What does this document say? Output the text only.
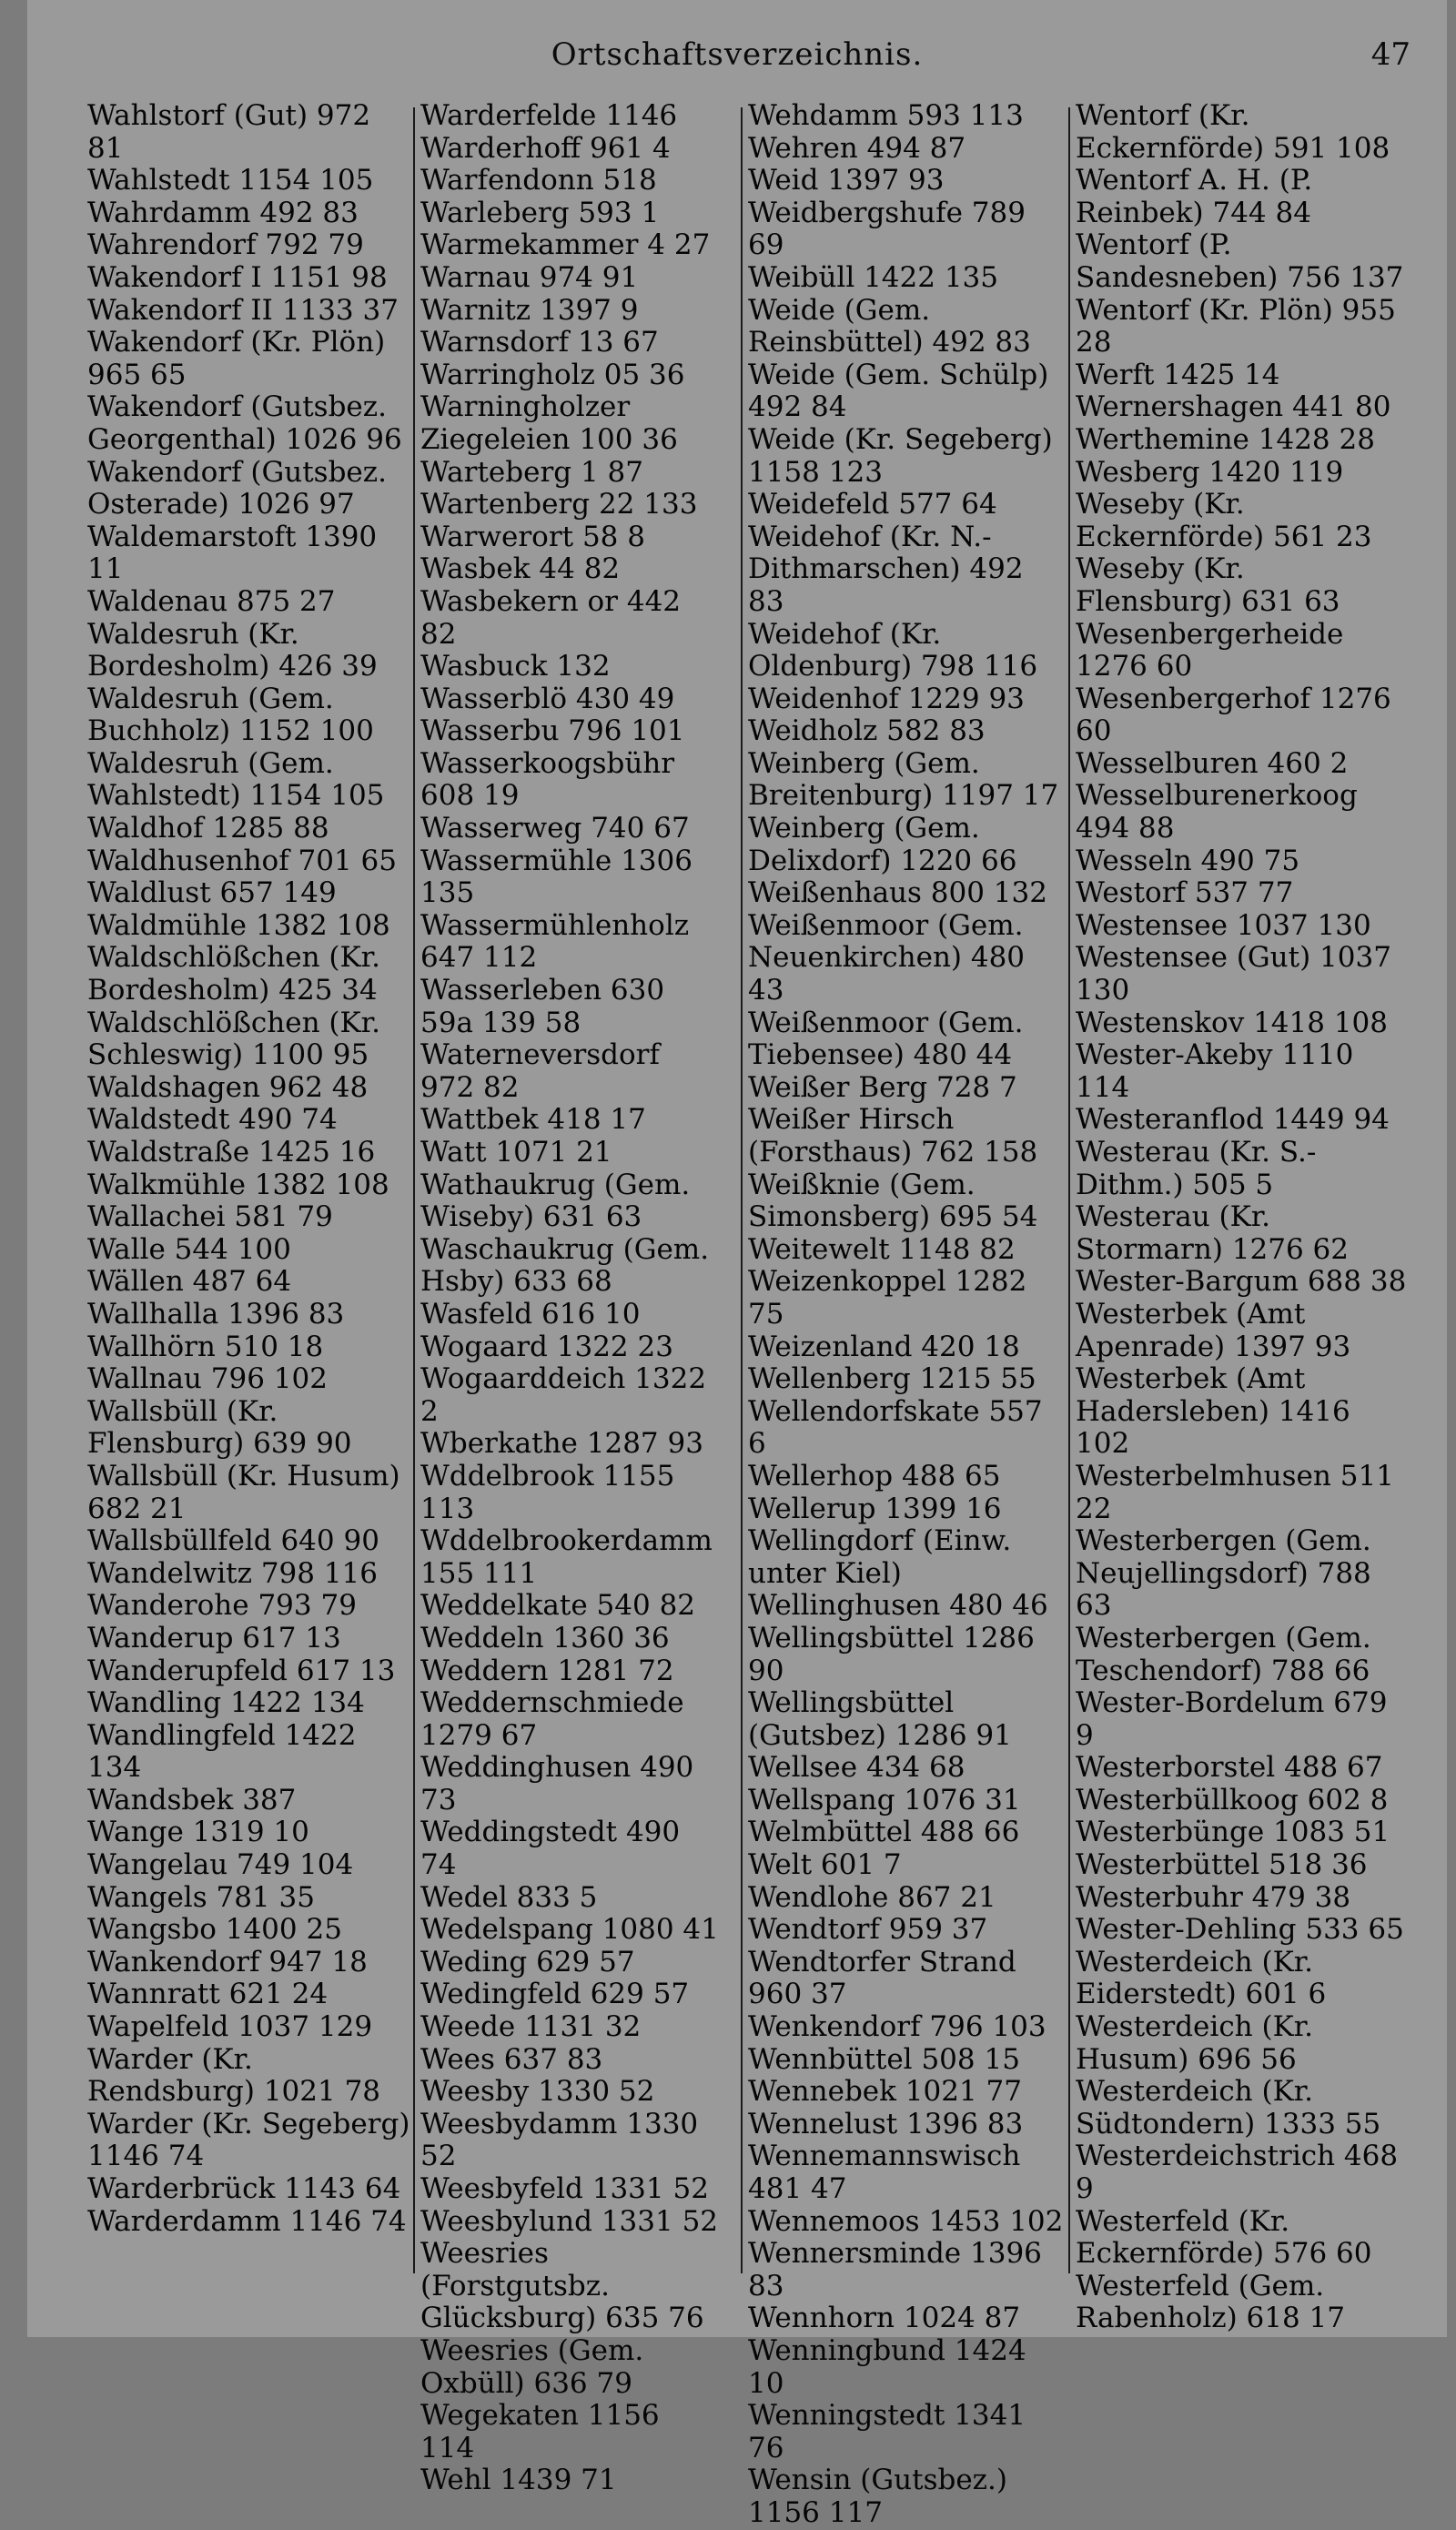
Ortschaftsverzeichnis.	47

Wahlstorf (Gut) 972 81

Wahlstedt 1154 105

Wahrdamm 492 83

Wahrendorf 792 79

Wakendorf I 1151 98

Wakendorf II 1133 37

Wakendorf (Kr. Plön) 965 65

Wakendorf (Gutsbez. Georgenthal) 1026 96

Wakendorf (Gutsbez. Osterade) 1026 97

Waldemarstoft 1390 11

Waldenau 875 27

Waldesruh (Kr. Bordesholm) 426 39

Waldesruh (Gem. Buchholz) 1152 100

Waldesruh (Gem. Wahlstedt) 1154 105

Waldhof 1285 88

Waldhusenhof 701 65

Waldlust 657 149

Waldmühle 1382 108

Waldschlößchen (Kr. Bordesholm) 425 34

Waldschlößchen (Kr. Schleswig) 1100 95

Waldshagen 962 48

Waldstedt 490 74

Waldstraße 1425 16

Walkmühle 1382 108

Wallachei 581 79

Walle 544 100

Wällen 487 64

Wallhalla 1396 83

Wallhörn 510 18

Wallnau 796 102

Wallsbüll (Kr. Flensburg) 639 90

Wallsbüll (Kr. Husum) 682 21

Wallsbüllfeld 640 90

Wandelwitz 798 116

Wanderohe 793 79

Wanderup 617 13

Wanderupfeld 617 13

Wandling 1422 134

Wandlingfeld 1422 134

Wandsbek 387

Wange 1319 10

Wangelau 749 104

Wangels 781 35

Wangsbo 1400 25

Wankendorf 947 18

Wannratt 621 24

Wapelfeld 1037 129

Warder (Kr. Rendsburg) 1021 78

Warder (Kr. Segeberg) 1146 74

Warderbrück 1143 64

Warderdamm 1146 74

Warderfelde 1146

Warderhoff 961 4

Warfendonn 518

Warleberg 593 1

Warmekammer 4 27

Warnau 974 91

Warnitz 1397 9

Warnsdorf 13 67

Warringholz 05 36

Warningholzer Ziegeleien 100 36

Warteberg 1 87

Wartenberg 22 133

Warwerort 58 8

Wasbek 44 82

Wasbekern or 442 82

Wasbuck 132

Wasserblö 430 49

Wasserbu 796 101

Wasserkoogsbühr 608 19

Wasserweg 740 67

Wassermühle 1306 135

Wassermühlenholz 647 112

Wasserleben 630 59a 139 58

Waterneversdorf 972 82

Wattbek 418 17

Watt 1071 21

Wathaukrug (Gem. Wiseby) 631 63

Waschaukrug (Gem. Hsby) 633 68

Wasfeld 616 10

Wogaard 1322 23

Wogaarddeich 1322 2

Wberkathe 1287 93

Wddelbrook 1155 113

Wddelbrookerdamm 155 111

Weddelkate 540 82

Weddeln 1360 36

Weddern 1281 72

Weddernschmiede 1279 67

Weddinghusen 490 73

Weddingstedt 490 74

Wedel 833 5

Wedelspang 1080 41

Weding 629 57

Wedingfeld 629 57

Weede 1131 32

Wees 637 83

Weesby 1330 52

Weesbydamm 1330 52

Weesbyfeld 1331 52

Weesbylund 1331 52

Weesries (Forstgutsbz. Glücksburg) 635 76

Weesries (Gem. Oxbüll) 636 79

Wegekaten 1156 114

Wehl 1439 71

Wehdamm 593 113

Wehren 494 87

Weid 1397 93

Weidbergshufe 789 69

Weibüll 1422 135

Weide (Gem. Reinsbüttel) 492 83

Weide (Gem. Schülp) 492 84

Weide (Kr. Segeberg) 1158 123

Weidefeld 577 64

Weidehof (Kr. N.-Dithmarschen) 492 83

Weidehof (Kr. Oldenburg) 798 116

Weidenhof 1229 93

Weidholz 582 83

Weinberg (Gem. Breitenburg) 1197 17

Weinberg (Gem. Delixdorf) 1220 66

Weißenhaus 800 132

Weißenmoor (Gem. Neuenkirchen) 480 43

Weißenmoor (Gem. Tiebensee) 480 44

Weißer Berg 728 7

Weißer Hirsch (Forsthaus) 762 158

Weißknie (Gem. Simonsberg) 695 54

Weitewelt 1148 82

Weizenkoppel 1282 75

Weizenland 420 18

Wellenberg 1215 55

Wellendorfskate 557 6

Wellerhop 488 65

Wellerup 1399 16

Wellingdorf (Einw. unter Kiel)

Wellinghusen 480 46

Wellingsbüttel 1286 90

Wellingsbüttel (Gutsbez) 1286 91

Wellsee 434 68

Wellspang 1076 31

Welmbüttel 488 66

Welt 601 7

Wendlohe 867 21

Wendtorf 959 37

Wendtorfer Strand 960 37

Wenkendorf 796 103

Wennbüttel 508 15

Wennebek 1021 77

Wennelust 1396 83

Wennemannswisch 481 47

Wennemoos 1453 102

Wennersminde 1396 83

Wennhorn 1024 87

Wenningbund 1424 10

Wenningstedt 1341 76

Wensin (Gutsbez.) 1156 117

Wentorf (Kr. Eckernförde) 591 108

Wentorf A. H. (P. Reinbek) 744 84

Wentorf (P. Sandesneben) 756 137

Wentorf (Kr. Plön) 955 28

Werft 1425 14

Wernershagen 441 80

Werthemine 1428 28

Wesberg 1420 119

Weseby (Kr. Eckernförde) 561 23

Weseby (Kr. Flensburg) 631 63

Wesenbergerheide 1276 60

Wesenbergerhof 1276 60

Wesselburen 460 2

Wesselburenerkoog 494 88

Wesseln 490 75

Westorf 537 77

Westensee 1037 130

Westensee (Gut) 1037 130

Westenskov 1418 108

Wester-Akeby 1110 114

Westeranflod 1449 94

Westerau (Kr. S.-Dithm.) 505 5

Westerau (Kr. Stormarn) 1276 62

Wester-Bargum 688 38

Westerbek (Amt Apenrade) 1397 93

Westerbek (Amt Hadersleben) 1416 102

Westerbelmhusen 511 22

Westerbergen (Gem. Neujellingsdorf) 788 63

Westerbergen (Gem. Teschendorf) 788 66

Wester-Bordelum 679 9

Westerborstel 488 67

Westerbüllkoog 602 8

Westerbünge 1083 51

Westerbüttel 518 36

Westerbuhr 479 38

Wester-Dehling 533 65

Westerdeich (Kr. Eiderstedt) 601 6

Westerdeich (Kr. Husum) 696 56

Westerdeich (Kr. Südtondern) 1333 55

Westerdeichstrich 468 9

Westerfeld (Kr. Eckernförde) 576 60

Westerfeld (Gem. Rabenholz) 618 17
